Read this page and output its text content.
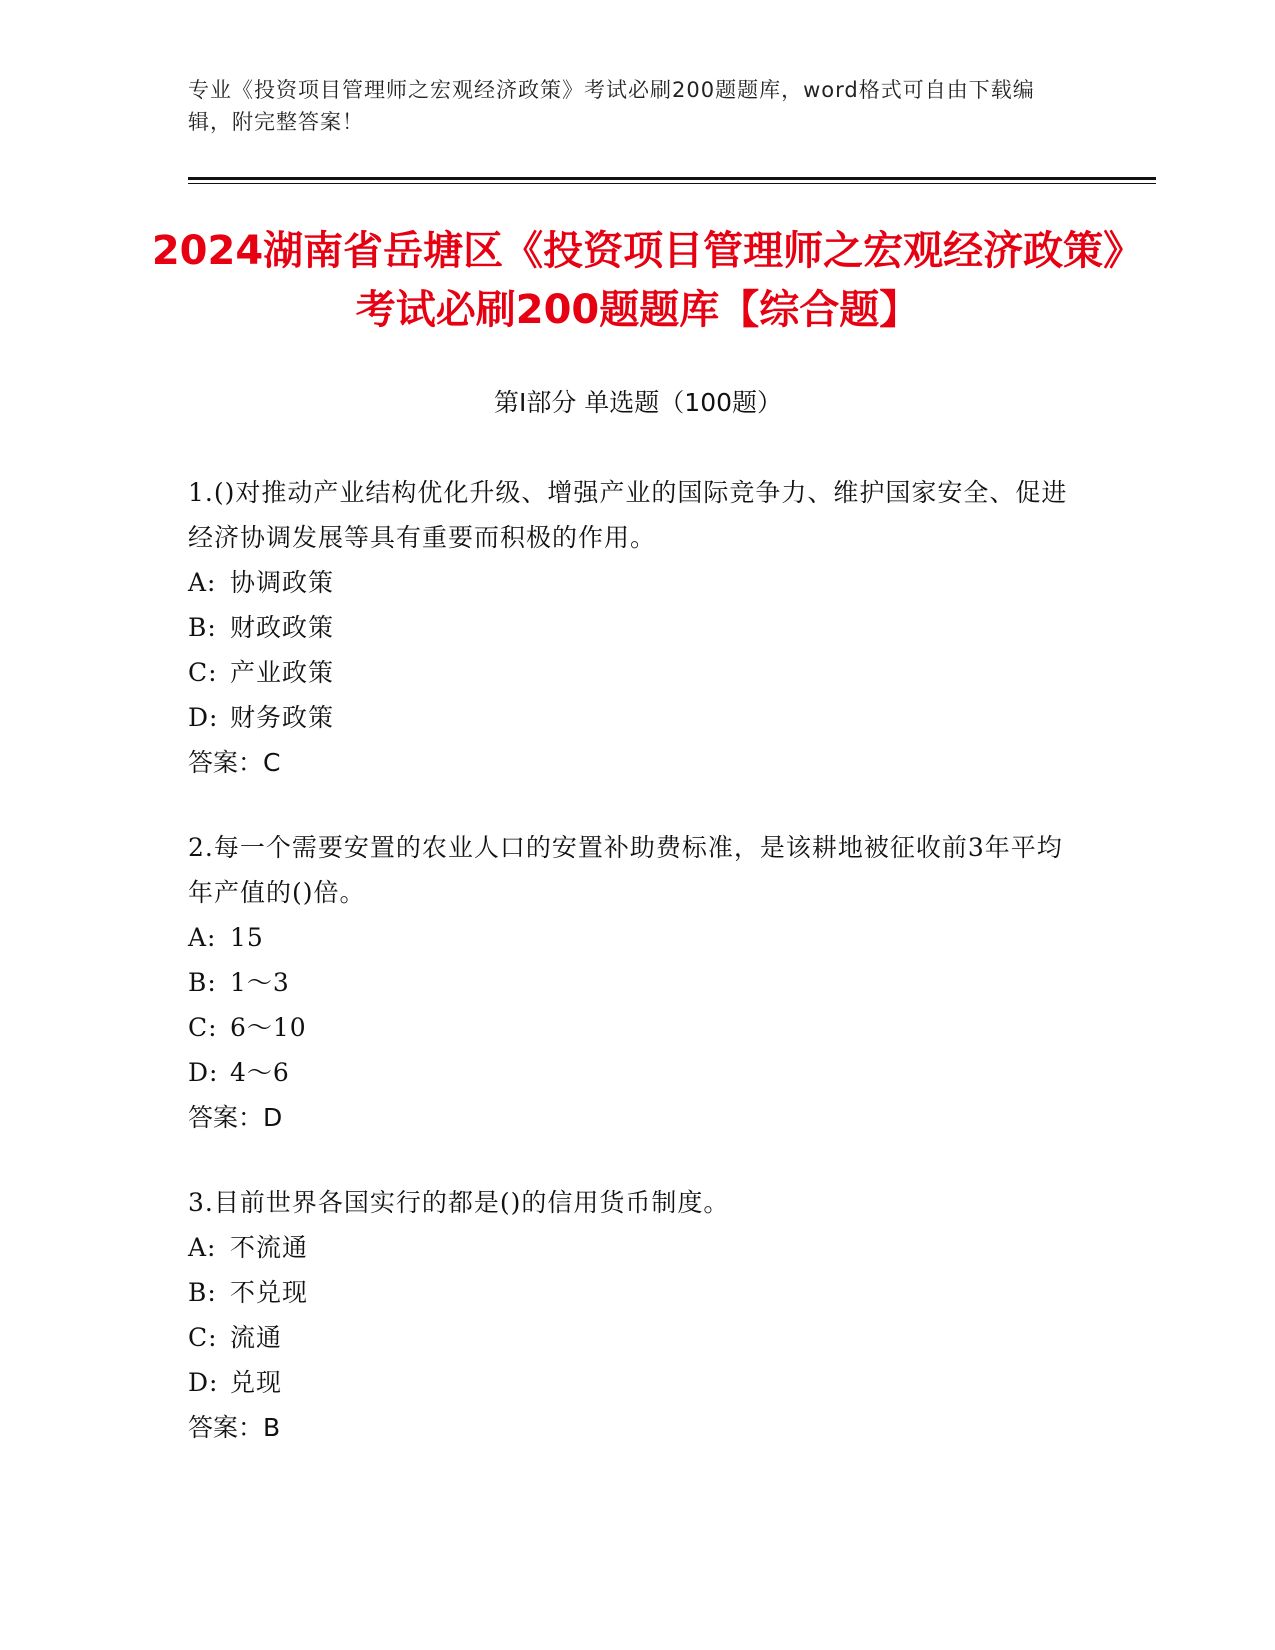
专业《投资项目管理师之宏观经济政策》考试必刷200题题库，word格式可自由下载编辑，附完整答案！
2024湖南省岳塘区《投资项目管理师之宏观经济政策》考试必刷200题题库【综合题】
第I部分 单选题（100题）
1.()对推动产业结构优化升级、增强产业的国际竞争力、维护国家安全、促进经济协调发展等具有重要而积极的作用。
A: 协调政策
B: 财政政策
C: 产业政策
D: 财务政策
答案：C
2.每一个需要安置的农业人口的安置补助费标准，是该耕地被征收前3年平均年产值的()倍。
A: 15
B: 1～3
C: 6～10
D: 4～6
答案：D
3.目前世界各国实行的都是()的信用货币制度。
A: 不流通
B: 不兑现
C: 流通
D: 兑现
答案：B
